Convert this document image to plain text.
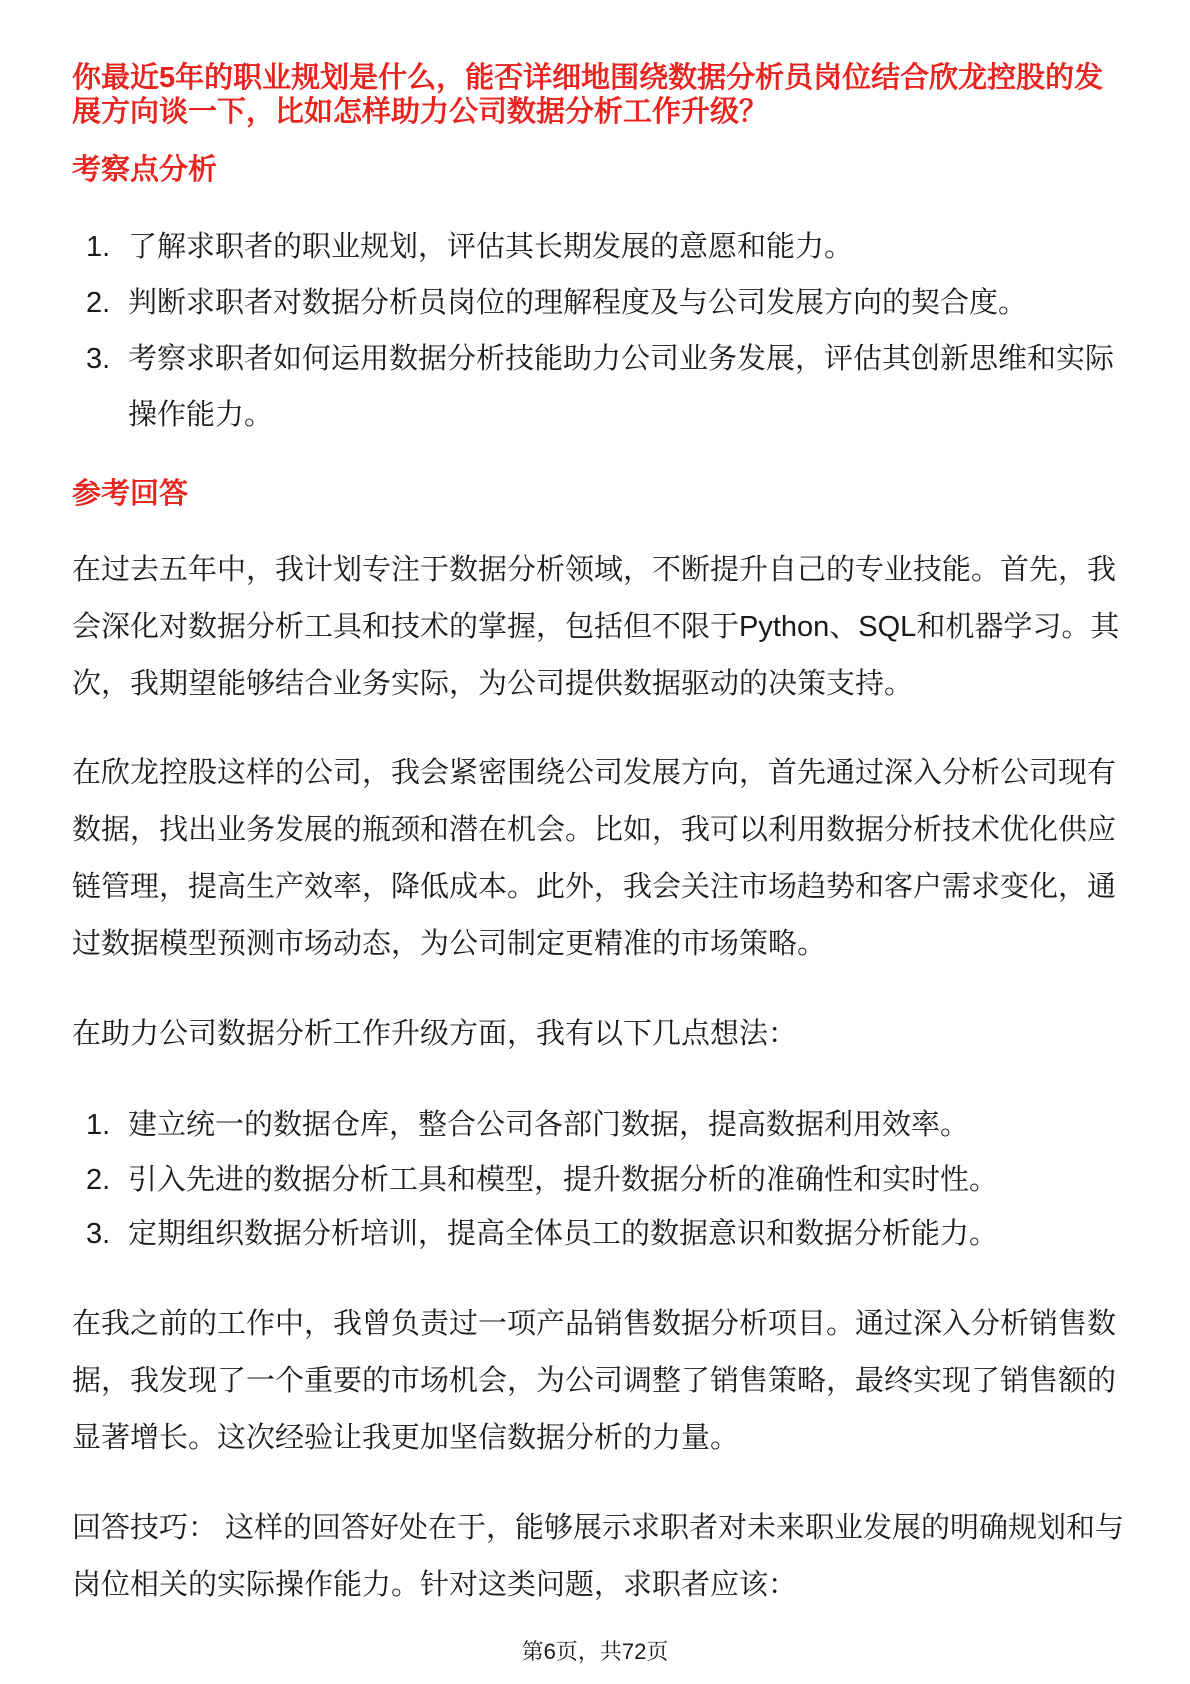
你最近5年的职业规划是什么，能否详细地围绕数据分析员岗位结合欣龙控股的发
展方向谈一下，比如怎样助力公司数据分析工作升级？
考察点分析
1. 了解求职者的职业规划，评估其长期发展的意愿和能力。
2. 判断求职者对数据分析员岗位的理解程度及与公司发展方向的契合度。
3. 考察求职者如何运用数据分析技能助力公司业务发展，评估其创新思维和实际
操作能力。
参考回答
在过去五年中，我计划专注于数据分析领域，不断提升自己的专业技能。首先，我
会深化对数据分析工具和技术的掌握，包括但不限于Python、SQL和机器学习。其
次，我期望能够结合业务实际，为公司提供数据驱动的决策支持。
在欣龙控股这样的公司，我会紧密围绕公司发展方向，首先通过深入分析公司现有
数据，找出业务发展的瓶颈和潜在机会。比如，我可以利用数据分析技术优化供应
链管理，提高生产效率，降低成本。此外，我会关注市场趋势和客户需求变化，通
过数据模型预测市场动态，为公司制定更精准的市场策略。
在助力公司数据分析工作升级方面，我有以下几点想法：
1. 建立统一的数据仓库，整合公司各部门数据，提高数据利用效率。
2. 引入先进的数据分析工具和模型，提升数据分析的准确性和实时性。
3. 定期组织数据分析培训，提高全体员工的数据意识和数据分析能力。
在我之前的工作中，我曾负责过一项产品销售数据分析项目。通过深入分析销售数
据，我发现了一个重要的市场机会，为公司调整了销售策略，最终实现了销售额的
显著增长。这次经验让我更加坚信数据分析的力量。
回答技巧： 这样的回答好处在于，能够展示求职者对未来职业发展的明确规划和与
岗位相关的实际操作能力。针对这类问题，求职者应该：
第6页，共72页
